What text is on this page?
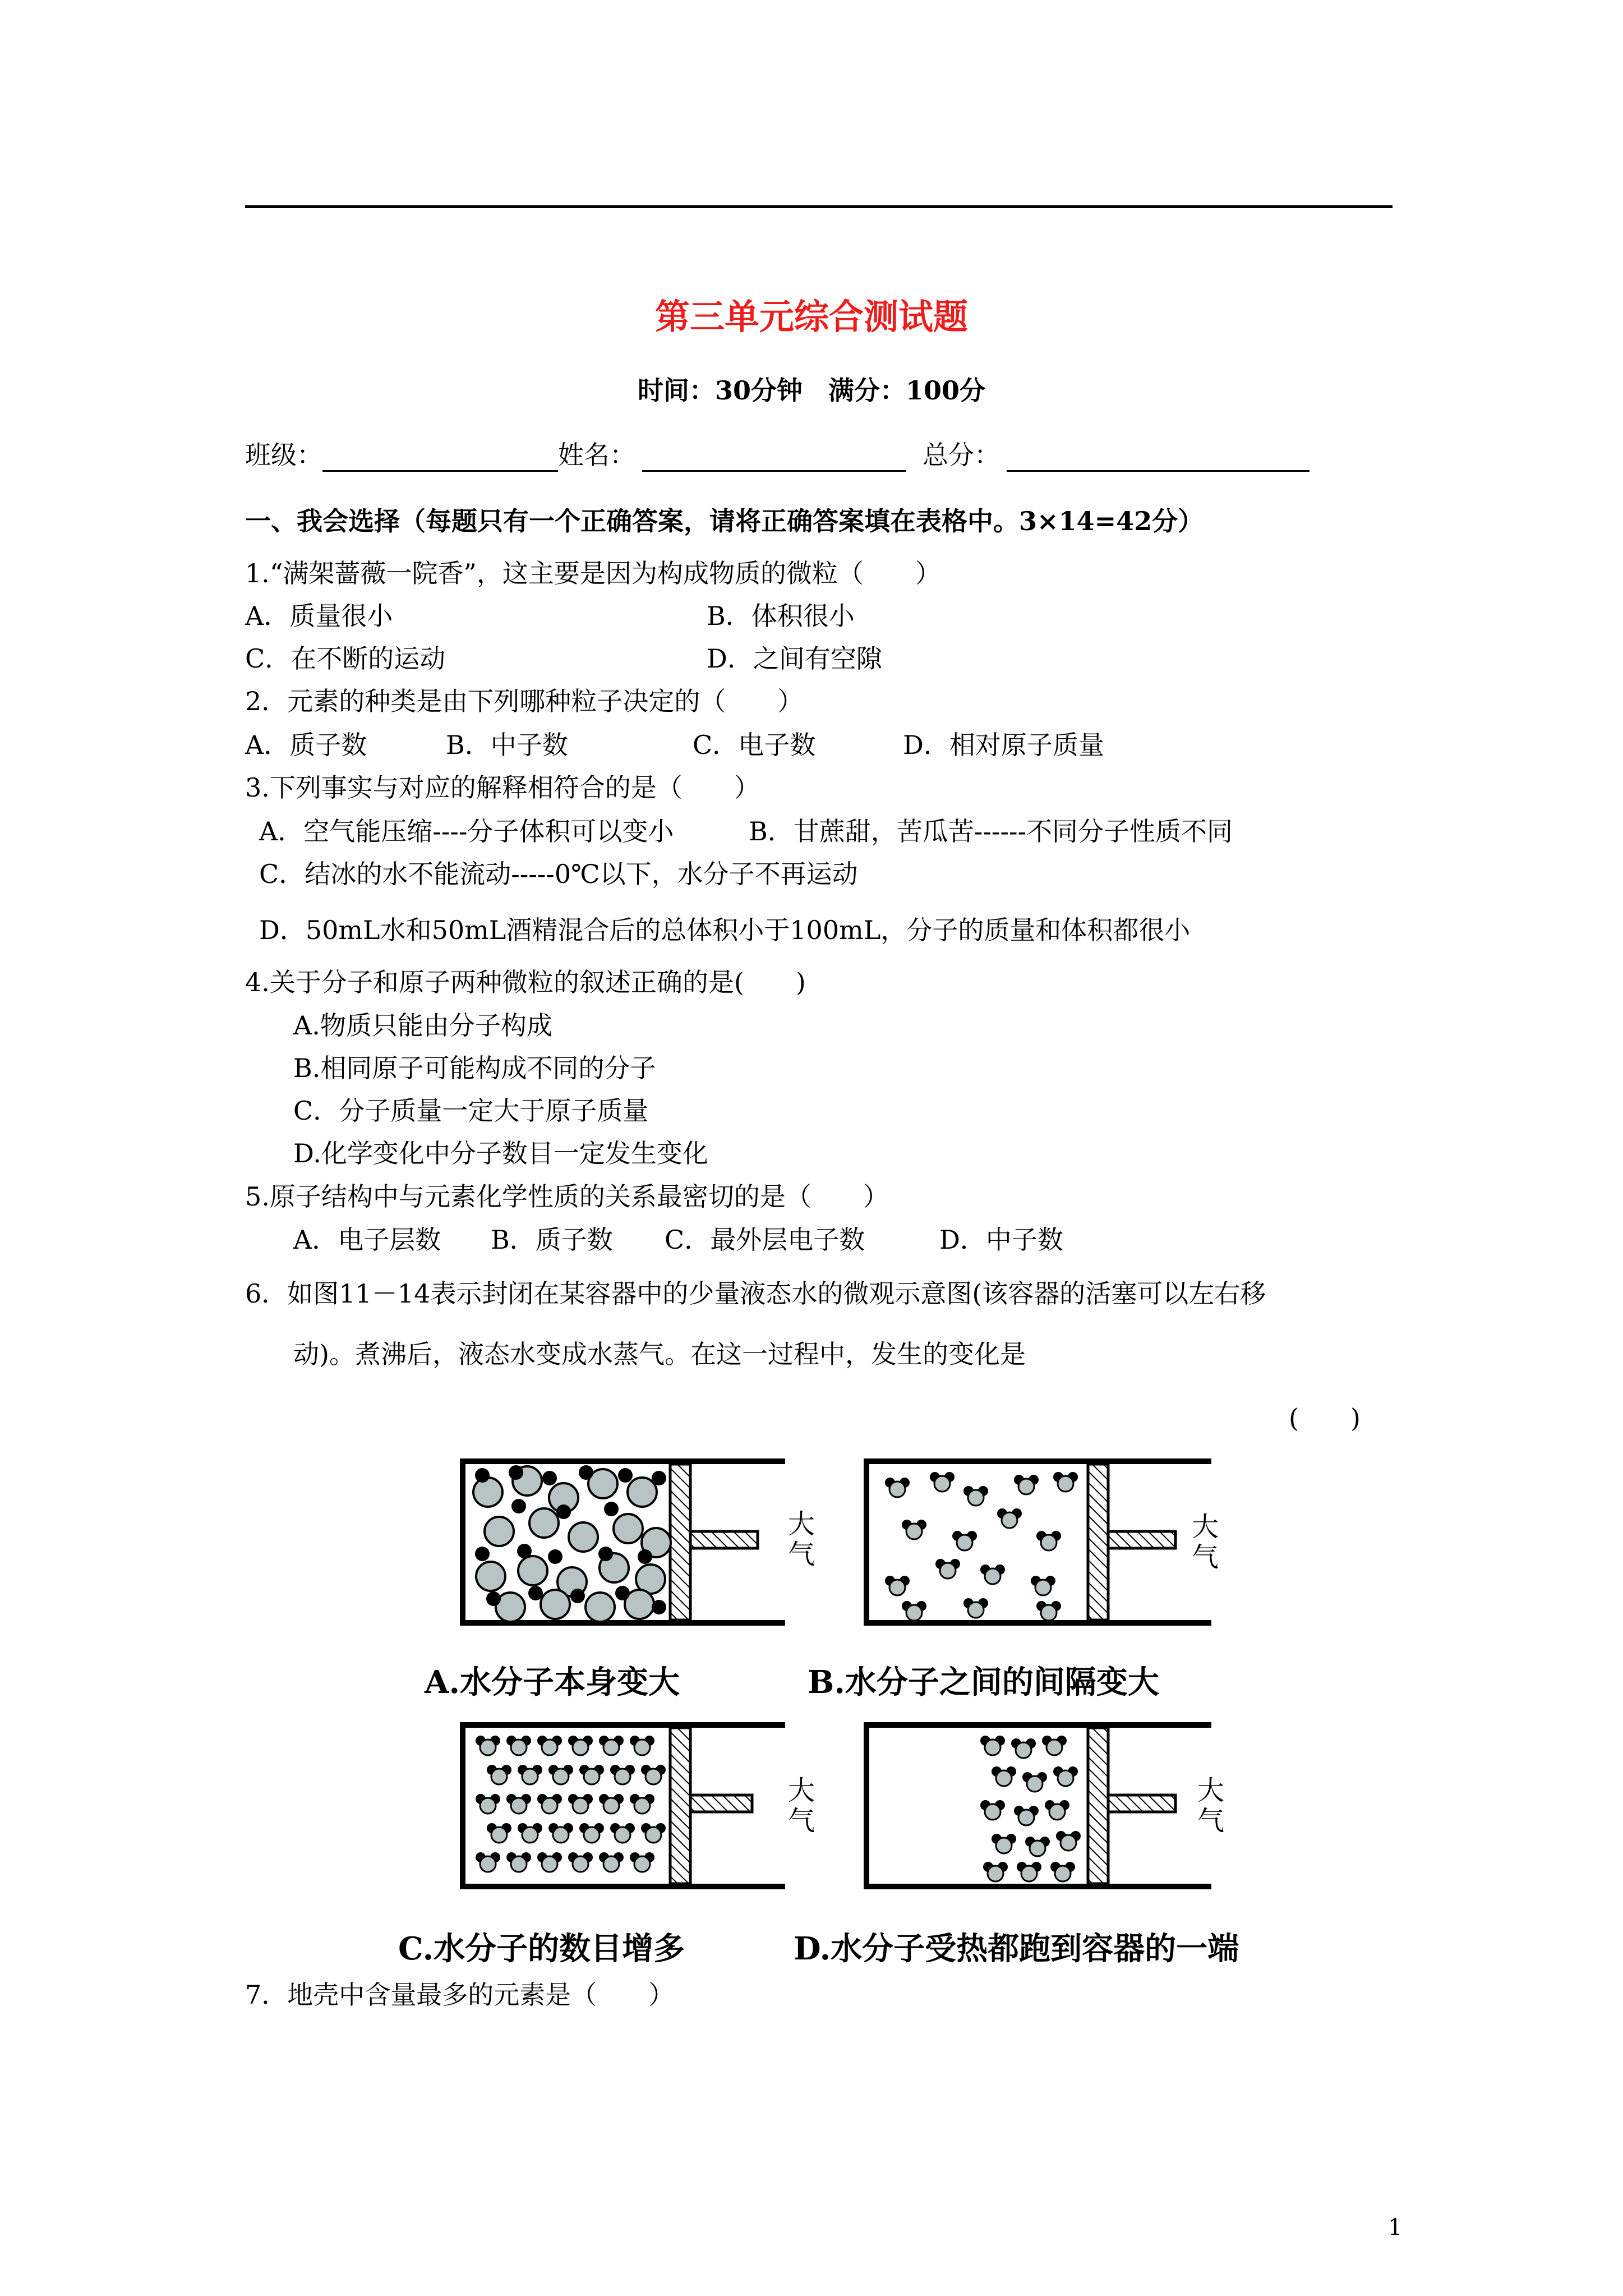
第三单元综合测试题
时间：30分钟　满分：100分
班级：	姓名：	总分：
一、我会选择（每题只有一个正确答案，请将正确答案填在表格中。3×14=42分）
1.“满架蔷薇一院香”，这主要是因为构成物质的微粒（　　）
A．质量很小	B．体积很小
C．在不断的运动	D．之间有空隙
2．元素的种类是由下列哪种粒子决定的（　　）
A．质子数	B．中子数	C．电子数	D．相对原子质量
3.下列事实与对应的解释相符合的是（　　）
A．空气能压缩----分子体积可以变小	B．甘蔗甜，苦瓜苦------不同分子性质不同
C．结冰的水不能流动-----0℃以下，水分子不再运动
D．50mL水和50mL酒精混合后的总体积小于100mL，分子的质量和体积都很小
4.关于分子和原子两种微粒的叙述正确的是(　　)
A.物质只能由分子构成
B.相同原子可能构成不同的分子
C．分子质量一定大于原子质量
D.化学变化中分子数目一定发生变化
5.原子结构中与元素化学性质的关系最密切的是（　　）
A．电子层数 B．质子数 C．最外层电子数	D．中子数
6．如图11－14表示封闭在某容器中的少量液态水的微观示意图(该容器的活塞可以左右移
动)。煮沸后，液态水变成水蒸气。在这一过程中，发生的变化是
(　　)
大
气
大
气
大
气
大
气
A.水分子本身变大	B.水分子之间的间隔变大
C.水分子的数目增多	D.水分子受热都跑到容器的一端
7．地壳中含量最多的元素是（　　）
1
